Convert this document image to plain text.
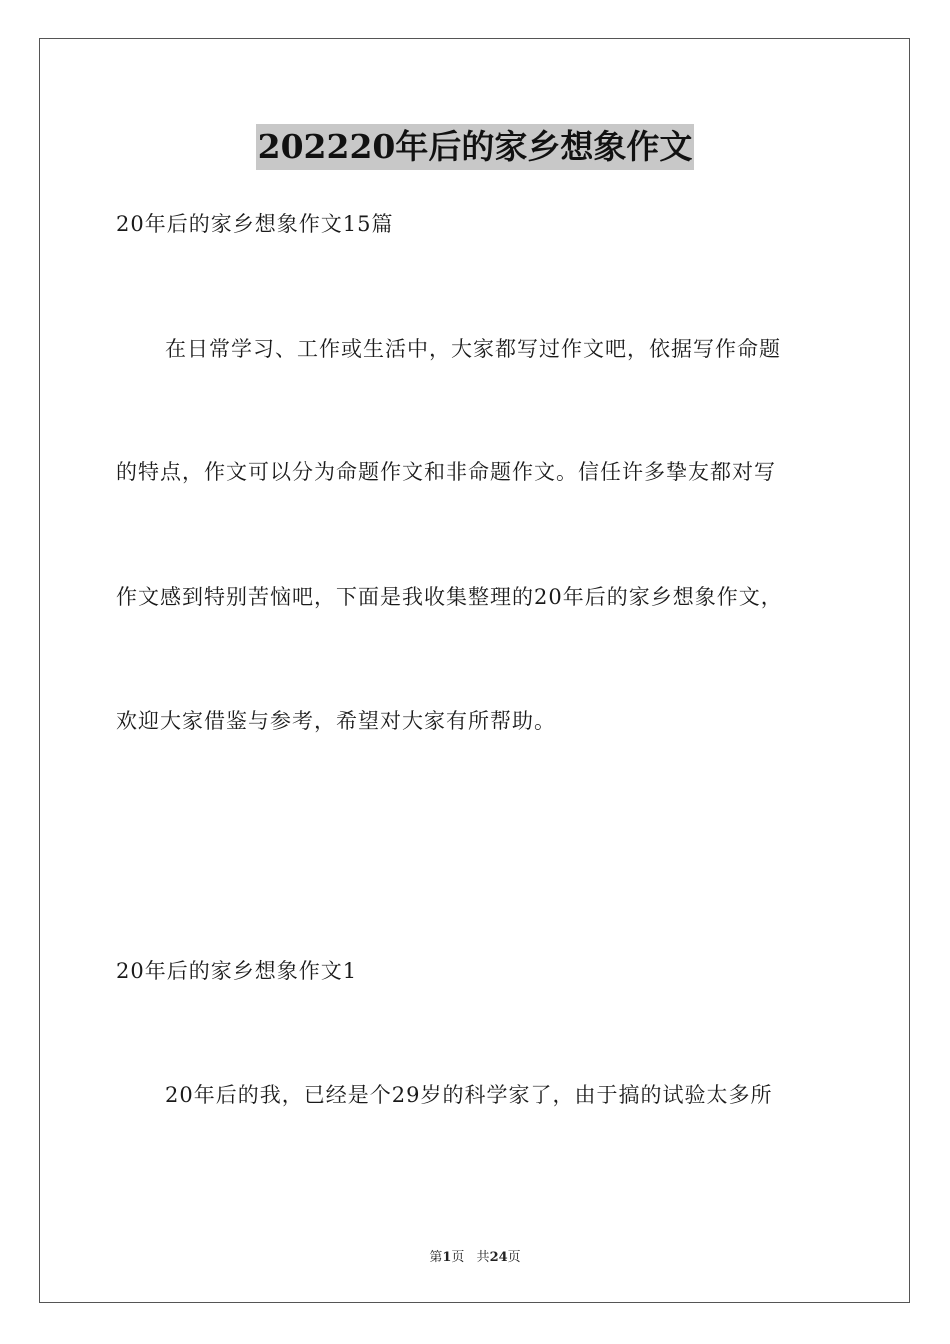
202220年后的家乡想象作文
20年后的家乡想象作文15篇
在日常学习、工作或生活中，大家都写过作文吧，依据写作命题
的特点，作文可以分为命题作文和非命题作文。信任许多挚友都对写
作文感到特别苦恼吧，下面是我收集整理的20年后的家乡想象作文，
欢迎大家借鉴与参考，希望对大家有所帮助。
20年后的家乡想象作文1
20年后的我，已经是个29岁的科学家了，由于搞的试验太多所
第1页 共24页
